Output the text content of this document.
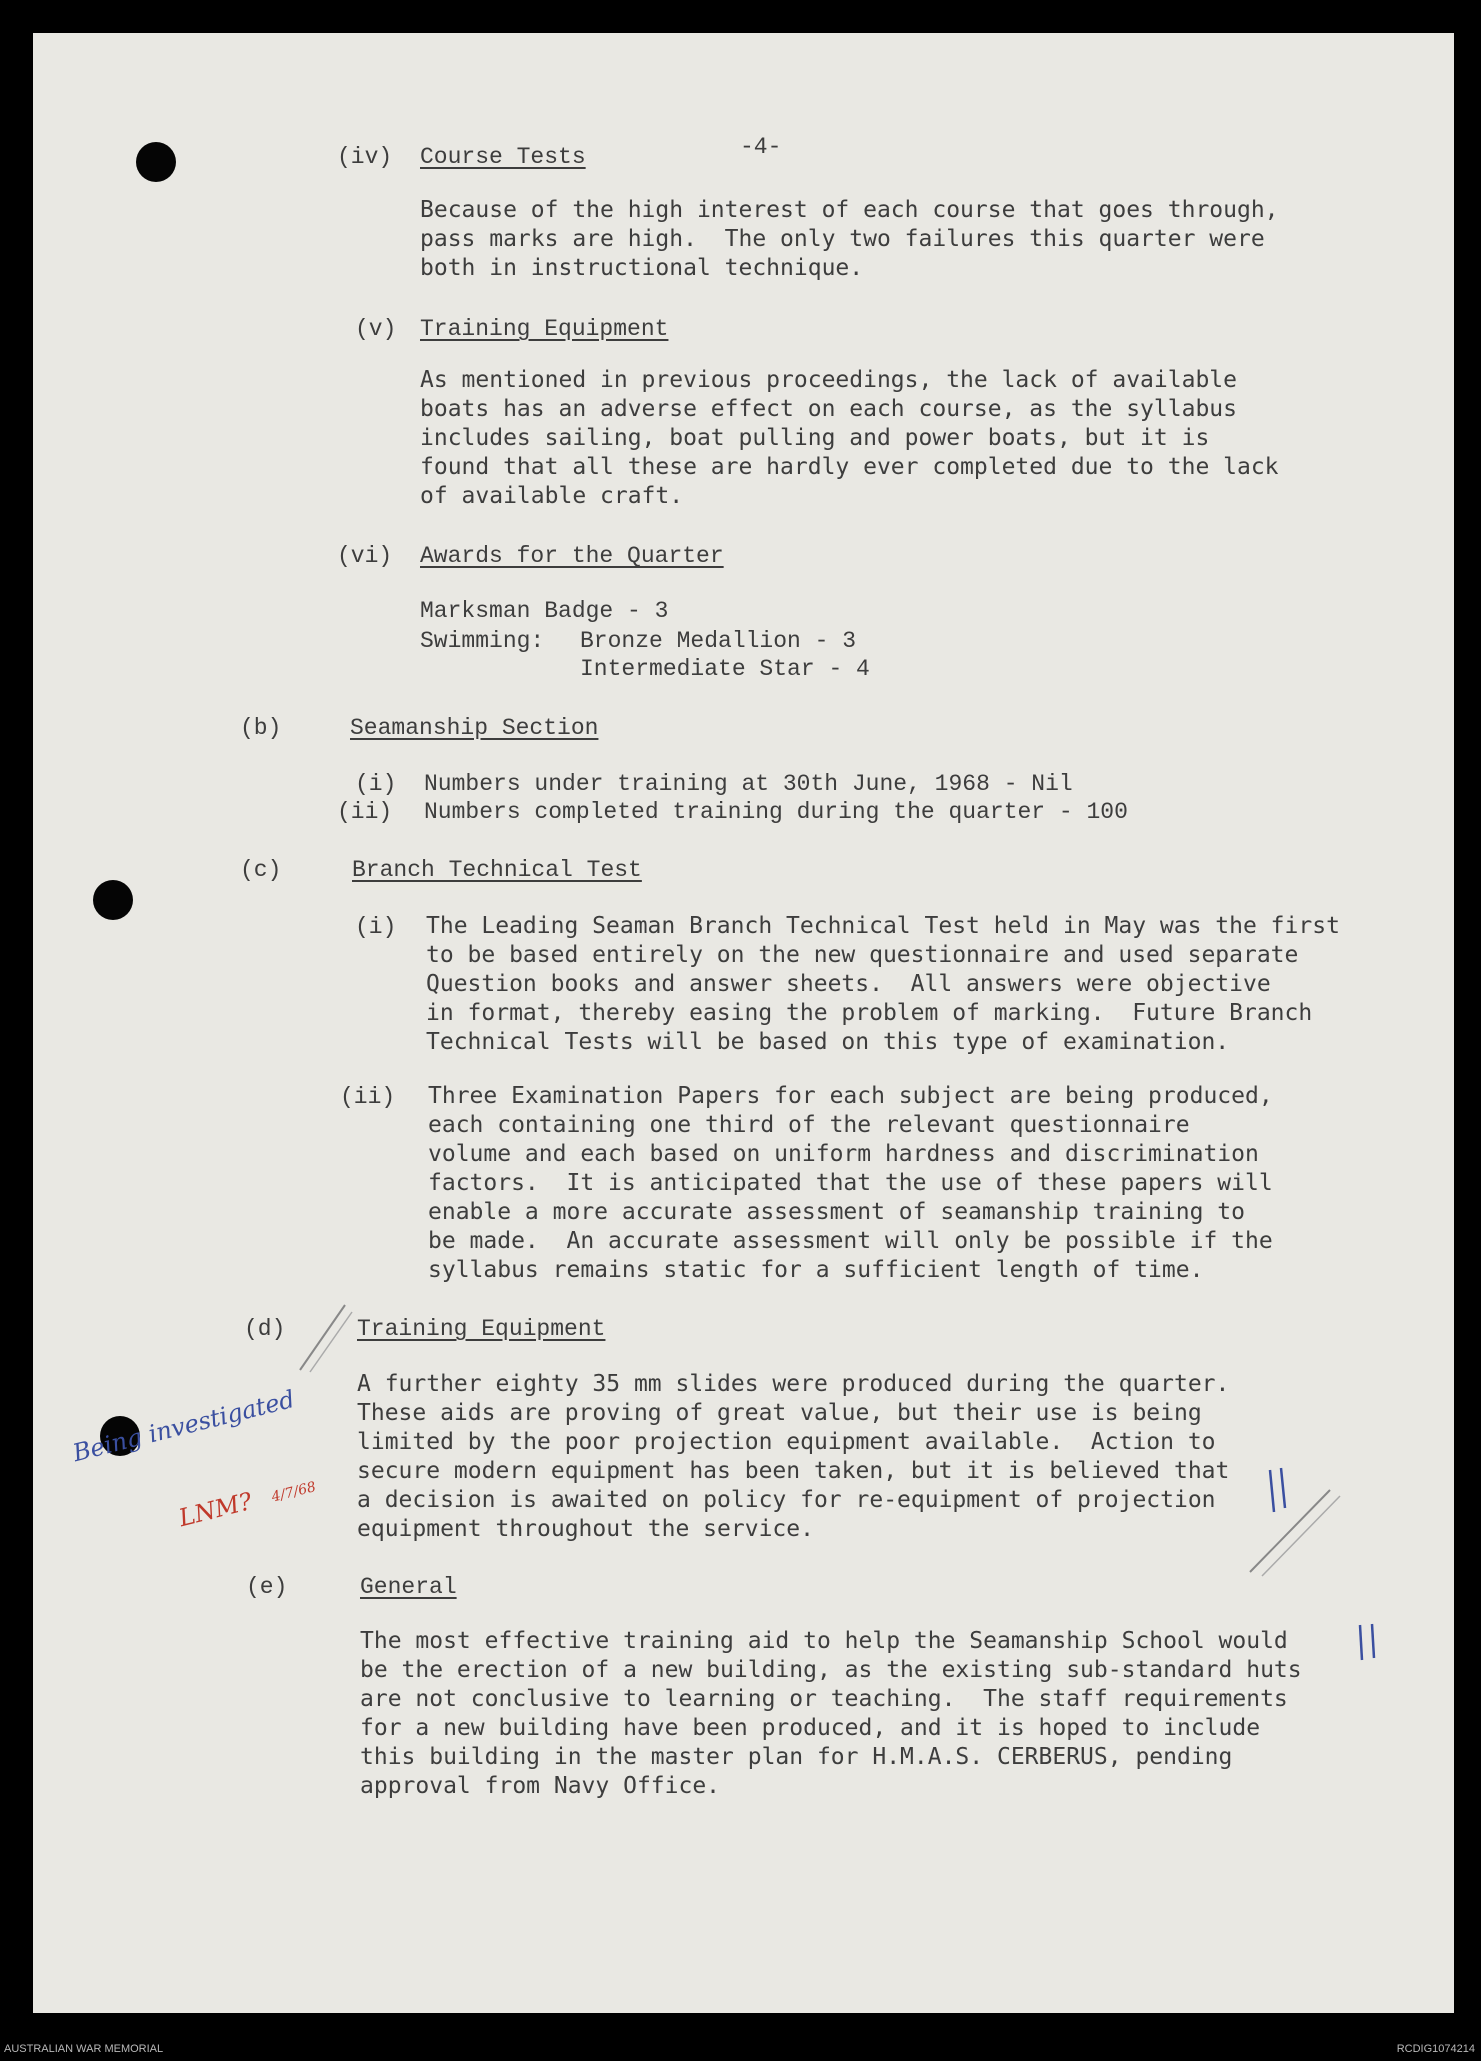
-4-
(iv) Course Tests
Because of the high interest of each course that goes through,
pass marks are high.  The only two failures this quarter were
both in instructional technique.
(v) Training Equipment
As mentioned in previous proceedings, the lack of available
boats has an adverse effect on each course, as the syllabus
includes sailing, boat pulling and power boats, but it is
found that all these are hardly ever completed due to the lack
of available craft.
(vi) Awards for the Quarter
Marksman Badge - 3
Swimming: Bronze Medallion - 3
Intermediate Star - 4
(b)	Seamanship Section
(i) Numbers under training at 30th June, 1968 - Nil
(ii) Numbers completed training during the quarter - 100
(c)	Branch Technical Test
(i) The Leading Seaman Branch Technical Test held in May was the first
to be based entirely on the new questionnaire and used separate
Question books and answer sheets.  All answers were objective
in format, thereby easing the problem of marking.  Future Branch
Technical Tests will be based on this type of examination.
(ii) Three Examination Papers for each subject are being produced,
each containing one third of the relevant questionnaire
volume and each based on uniform hardness and discrimination
factors.  It is anticipated that the use of these papers will
enable a more accurate assessment of seamanship training to
be made.  An accurate assessment will only be possible if the
syllabus remains static for a sufficient length of time.
(d)	Training Equipment
A further eighty 35 mm slides were produced during the quarter.
These aids are proving of great value, but their use is being
limited by the poor projection equipment available.  Action to
secure modern equipment has been taken, but it is believed that
a decision is awaited on policy for re-equipment of projection
equipment throughout the service.
(e)	General
The most effective training aid to help the Seamanship School would
be the erection of a new building, as the existing sub-standard huts
are not conclusive to learning or teaching.  The staff requirements
for a new building have been produced, and it is hoped to include
this building in the master plan for H.M.A.S. CERBERUS, pending
approval from Navy Office.
Being investigated
LNM? 4/7/68
AUSTRALIAN WAR MEMORIAL	RCDIG1074214
